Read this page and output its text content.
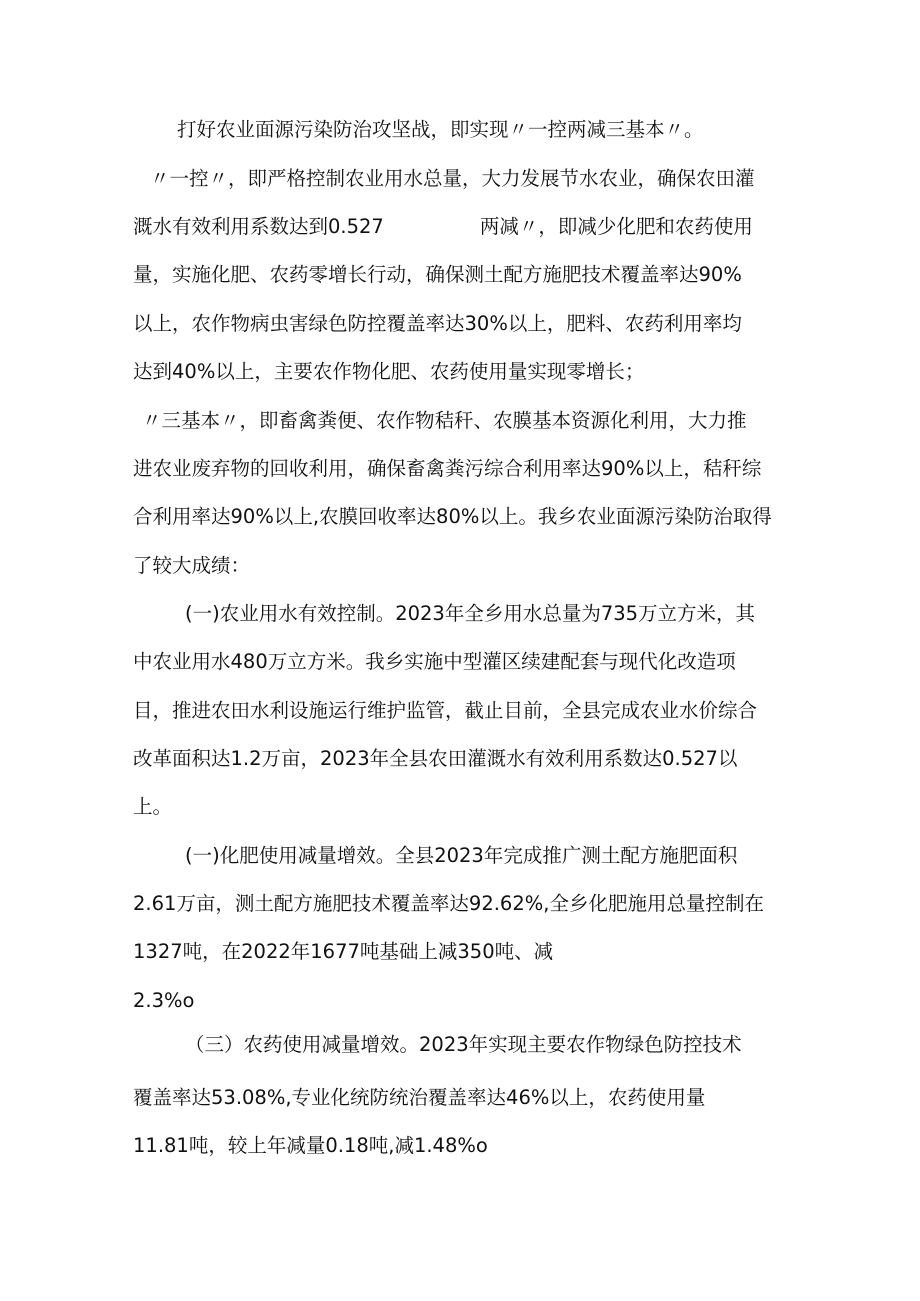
打好农业面源污染防治攻坚战，即实现〃一控两减三基本〃。

〃一控〃，即严格控制农业用水总量，大力发展节水农业，确保农田灌

溉水有效利用系数达到0.527	两减〃，即减少化肥和农药使用

量，实施化肥、农药零增长行动，确保测土配方施肥技术覆盖率达90%

以上，农作物病虫害绿色防控覆盖率达30%以上，肥料、农药利用率均

达到40%以上，主要农作物化肥、农药使用量实现零增长；

〃三基本〃，即畜禽粪便、农作物秸秆、农膜基本资源化利用，大力推

进农业废弃物的回收利用，确保畜禽粪污综合利用率达90%以上，秸秆综

合利用率达90%以上,农膜回收率达80%以上。我乡农业面源污染防治取得

了较大成绩：

(一)农业用水有效控制。2023年全乡用水总量为735万立方米，其

中农业用水480万立方米。我乡实施中型灌区续建配套与现代化改造项

目，推进农田水利设施运行维护监管，截止目前，全县完成农业水价综合

改革面积达1.2万亩，2023年全县农田灌溉水有效利用系数达0.527以

上。

(一)化肥使用减量增效。全县2023年完成推广测土配方施肥面积

2.61万亩，测土配方施肥技术覆盖率达92.62%,全乡化肥施用总量控制在

1327吨，在2022年1677吨基础上减350吨、减

2.3%o

（三）农药使用减量增效。2023年实现主要农作物绿色防控技术

覆盖率达53.08%,专业化统防统治覆盖率达46%以上，农药使用量

11.81吨，较上年减量0.18吨,减1.48%o
